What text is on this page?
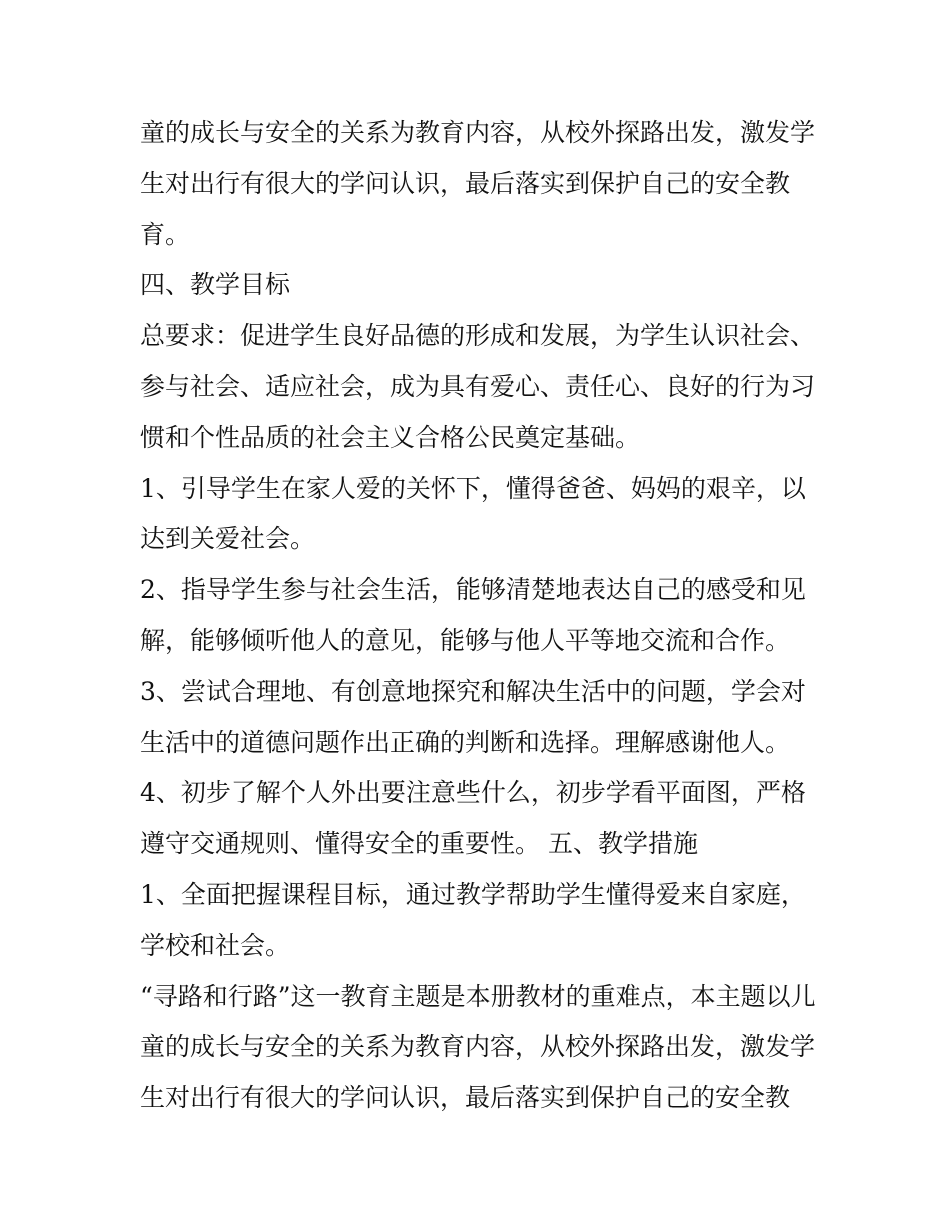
童的成长与安全的关系为教育内容，从校外探路出发，激发学
生对出行有很大的学问认识，最后落实到保护自己的安全教
育。
四、教学目标
总要求：促进学生良好品德的形成和发展，为学生认识社会、
参与社会、适应社会，成为具有爱心、责任心、良好的行为习
惯和个性品质的社会主义合格公民奠定基础。
1、引导学生在家人爱的关怀下，懂得爸爸、妈妈的艰辛，以
达到关爱社会。
2、指导学生参与社会生活，能够清楚地表达自己的感受和见
解，能够倾听他人的意见，能够与他人平等地交流和合作。
3、尝试合理地、有创意地探究和解决生活中的问题，学会对
生活中的道德问题作出正确的判断和选择。理解感谢他人。
4、初步了解个人外出要注意些什么，初步学看平面图，严格
遵守交通规则、懂得安全的重要性。 五、教学措施
1、全面把握课程目标，通过教学帮助学生懂得爱来自家庭，
学校和社会。
“寻路和行路”这一教育主题是本册教材的重难点，本主题以儿
童的成长与安全的关系为教育内容，从校外探路出发，激发学
生对出行有很大的学问认识，最后落实到保护自己的安全教
